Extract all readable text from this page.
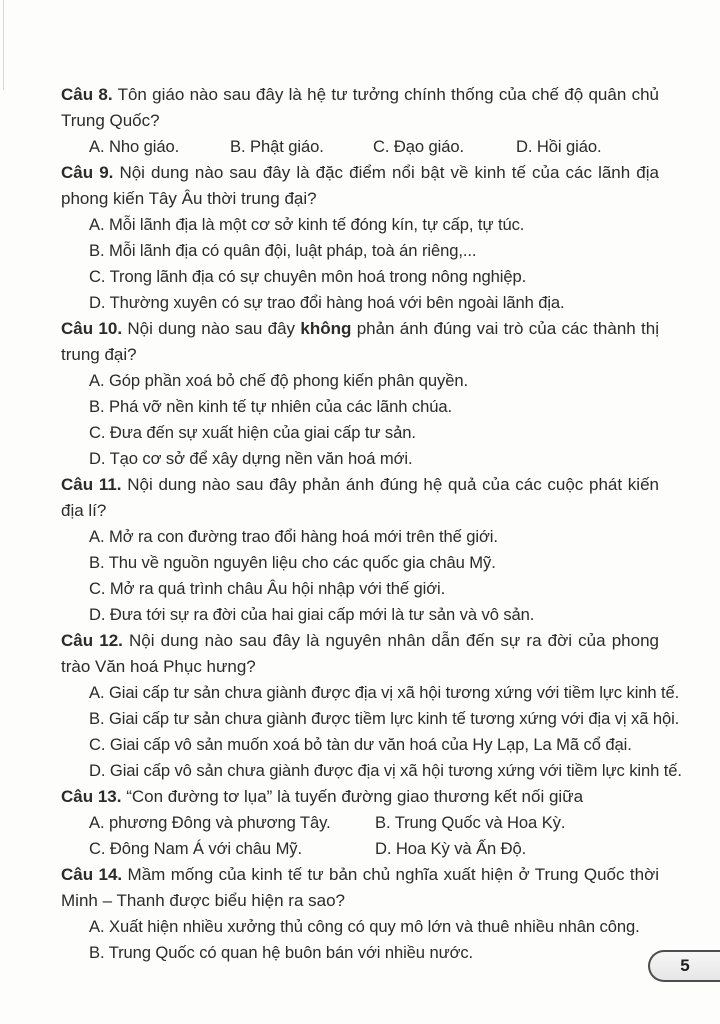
Câu 8. Tôn giáo nào sau đây là hệ tư tưởng chính thống của chế độ quân chủ Trung Quốc?

A. Nho giáo.	B. Phật giáo.	C. Đạo giáo.	D. Hồi giáo.

Câu 9. Nội dung nào sau đây là đặc điểm nổi bật về kinh tế của các lãnh địa phong kiến Tây Âu thời trung đại?

A. Mỗi lãnh địa là một cơ sở kinh tế đóng kín, tự cấp, tự túc.
B. Mỗi lãnh địa có quân đội, luật pháp, toà án riêng,...
C. Trong lãnh địa có sự chuyên môn hoá trong nông nghiệp.
D. Thường xuyên có sự trao đổi hàng hoá với bên ngoài lãnh địa.

Câu 10. Nội dung nào sau đây không phản ánh đúng vai trò của các thành thị trung đại?

A. Góp phần xoá bỏ chế độ phong kiến phân quyền.
B. Phá vỡ nền kinh tế tự nhiên của các lãnh chúa.
C. Đưa đến sự xuất hiện của giai cấp tư sản.
D. Tạo cơ sở để xây dựng nền văn hoá mới.

Câu 11. Nội dung nào sau đây phản ánh đúng hệ quả của các cuộc phát kiến địa lí?

A. Mở ra con đường trao đổi hàng hoá mới trên thế giới.
B. Thu về nguồn nguyên liệu cho các quốc gia châu Mỹ.
C. Mở ra quá trình châu Âu hội nhập với thế giới.
D. Đưa tới sự ra đời của hai giai cấp mới là tư sản và vô sản.

Câu 12. Nội dung nào sau đây là nguyên nhân dẫn đến sự ra đời của phong trào Văn hoá Phục hưng?

A. Giai cấp tư sản chưa giành được địa vị xã hội tương xứng với tiềm lực kinh tế.
B. Giai cấp tư sản chưa giành được tiềm lực kinh tế tương xứng với địa vị xã hội.
C. Giai cấp vô sản muốn xoá bỏ tàn dư văn hoá của Hy Lạp, La Mã cổ đại.
D. Giai cấp vô sản chưa giành được địa vị xã hội tương xứng với tiềm lực kinh tế.

Câu 13. “Con đường tơ lụa” là tuyến đường giao thương kết nối giữa

A. phương Đông và phương Tây.	B. Trung Quốc và Hoa Kỳ.
C. Đông Nam Á với châu Mỹ.	D. Hoa Kỳ và Ấn Độ.

Câu 14. Mầm mống của kinh tế tư bản chủ nghĩa xuất hiện ở Trung Quốc thời Minh – Thanh được biểu hiện ra sao?

A. Xuất hiện nhiều xưởng thủ công có quy mô lớn và thuê nhiều nhân công.
B. Trung Quốc có quan hệ buôn bán với nhiều nước.
5
